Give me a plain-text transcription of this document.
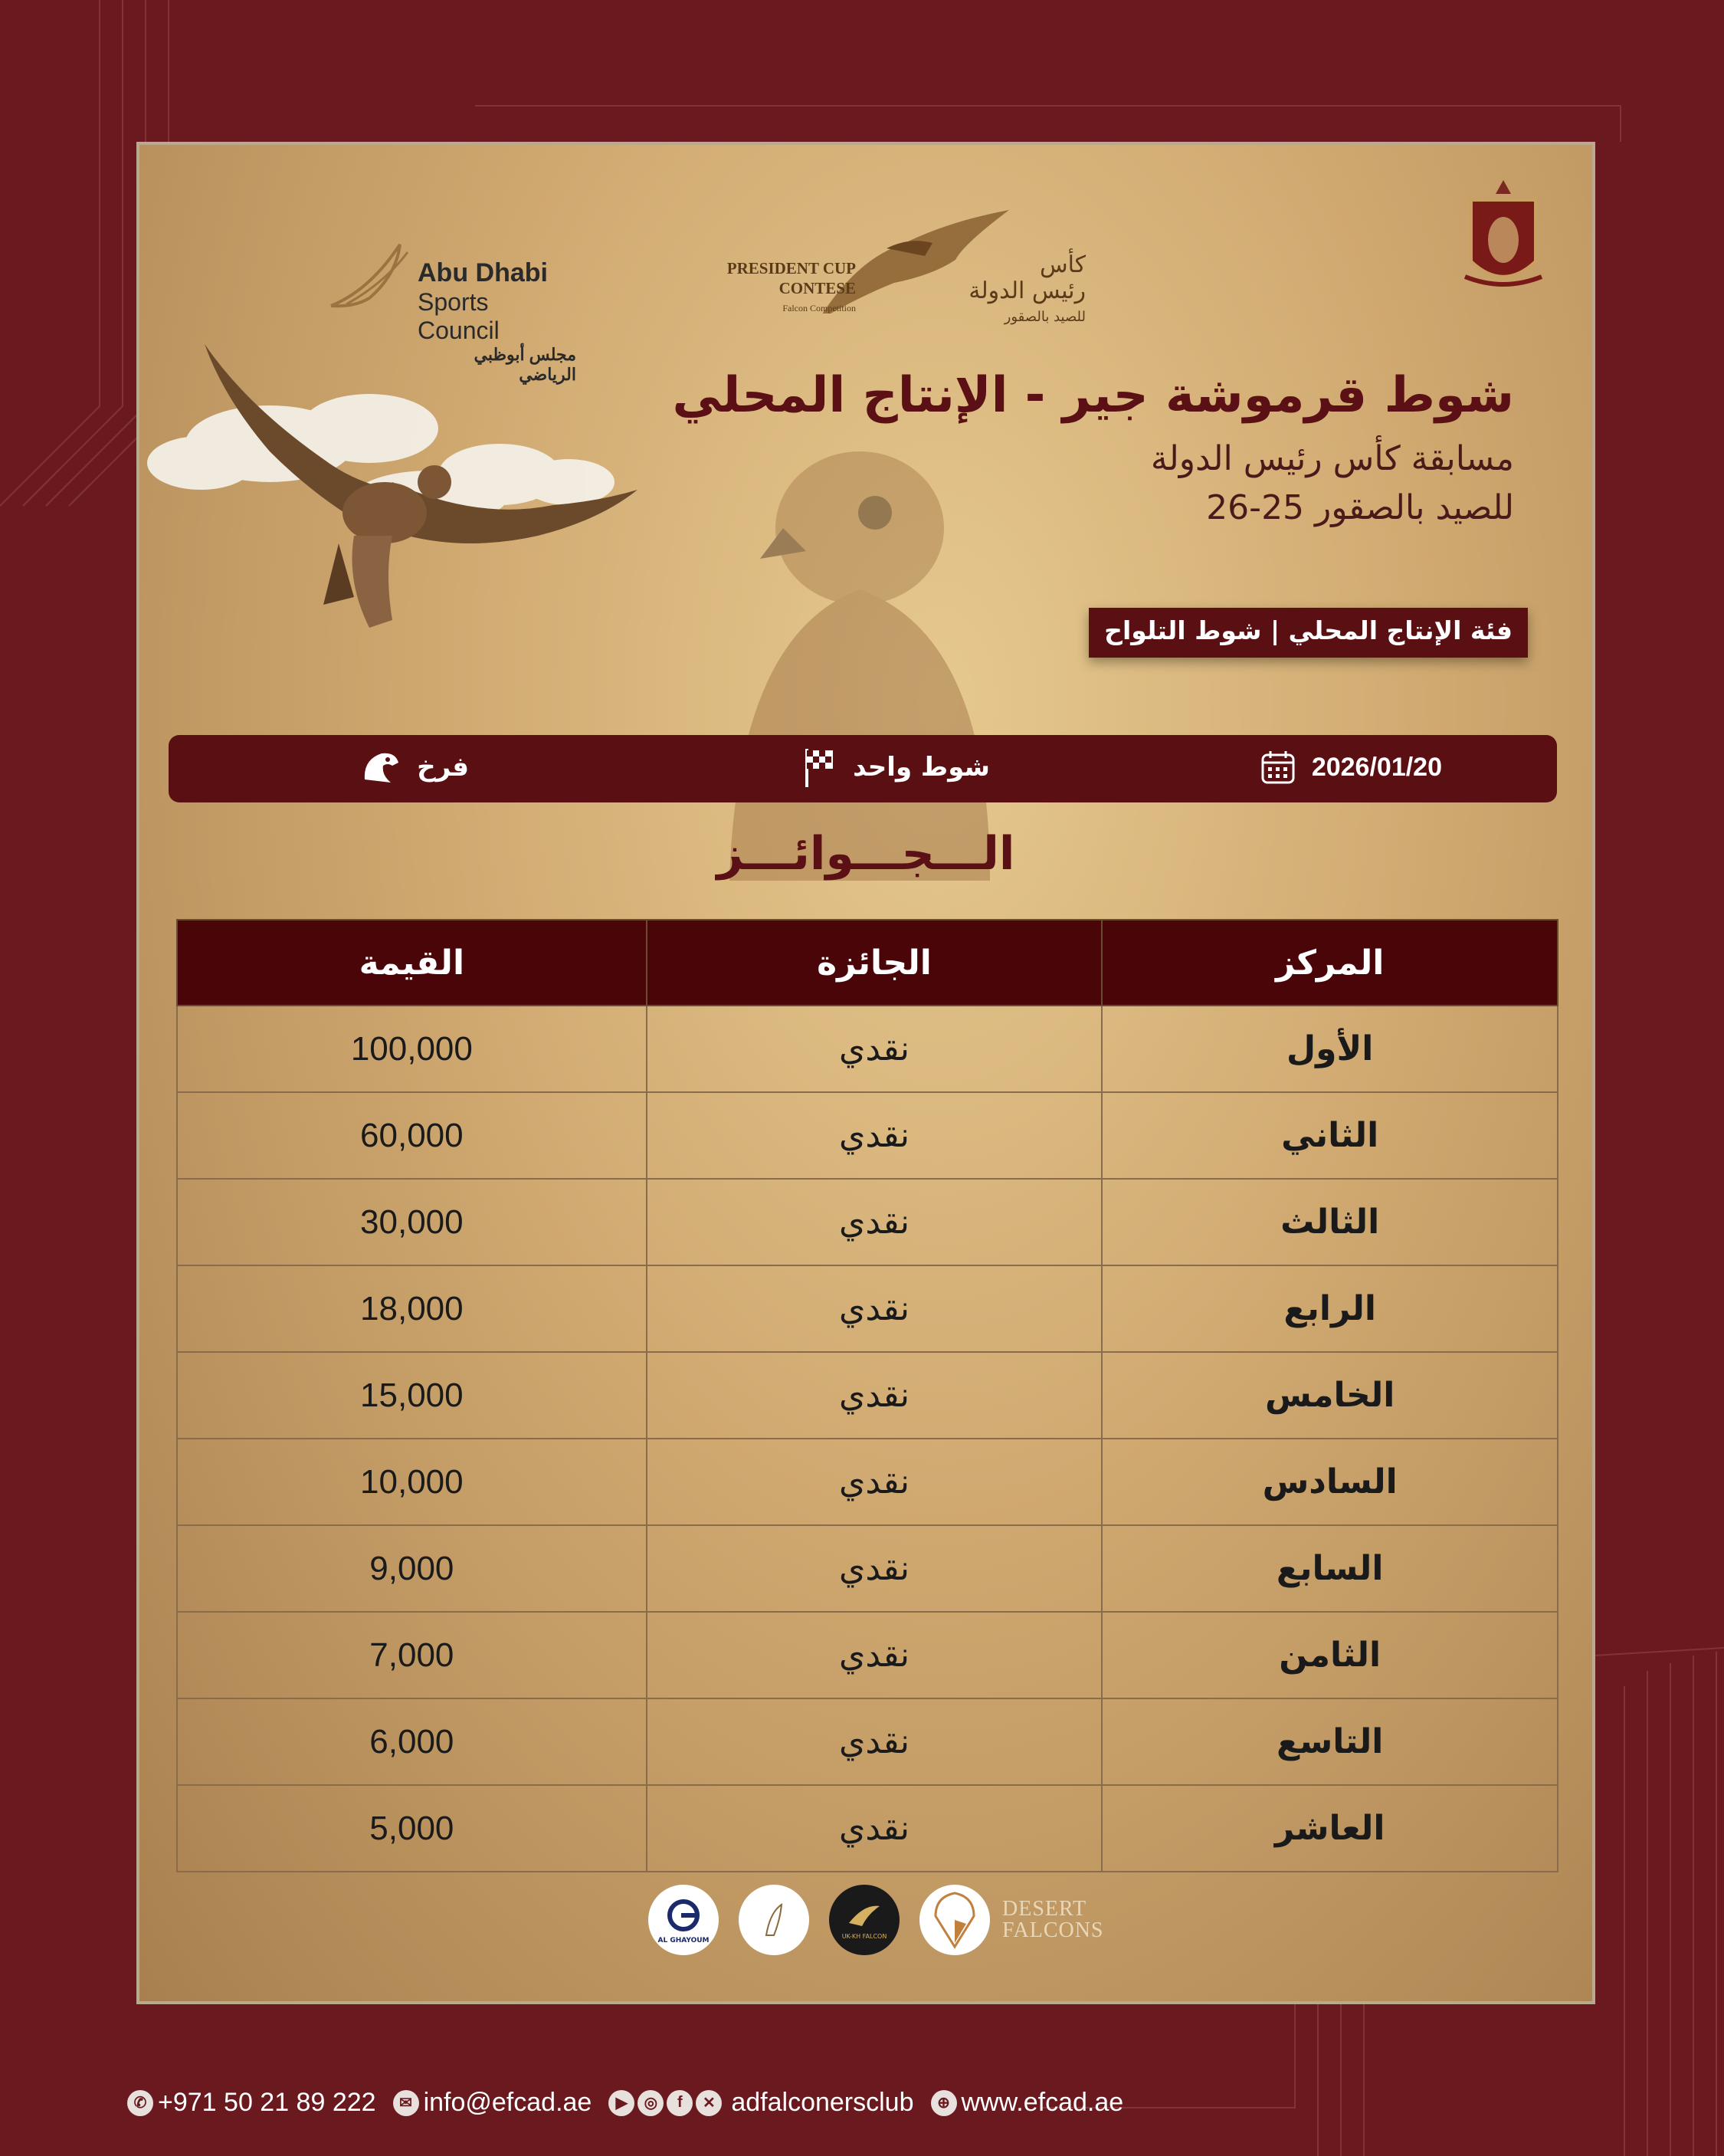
Abu Dhabi
Sports Council
مجلس أبوظبي الرياضي
PRESIDENT CUP
CONTESE
Falcon Competition
كأس
رئيس الدولة
للصيد بالصقور
شوط قرموشة جير - الإنتاج المحلي
مسابقة كأس رئيس الدولة
للصيد بالصقور 25-26
فئة الإنتاج المحلي | شوط التلواح
2026/01/20
شوط واحد
فرخ
الـــجـــوائـــز
المركز	الجائزة	القيمة
الأول	نقدي	100,000
الثاني	نقدي	60,000
الثالث	نقدي	30,000
الرابع	نقدي	18,000
الخامس	نقدي	15,000
السادس	نقدي	10,000
السابع	نقدي	9,000
الثامن	نقدي	7,000
التاسع	نقدي	6,000
العاشر	نقدي	5,000
AL GHAYOUM	UK-KH FALCON
DESERT
FALCONS
✆ +971 50 21 89 222	✉ info@efcad.ae	▶	◎	f	✕ adfalconersclub	⊕ www.efcad.ae
